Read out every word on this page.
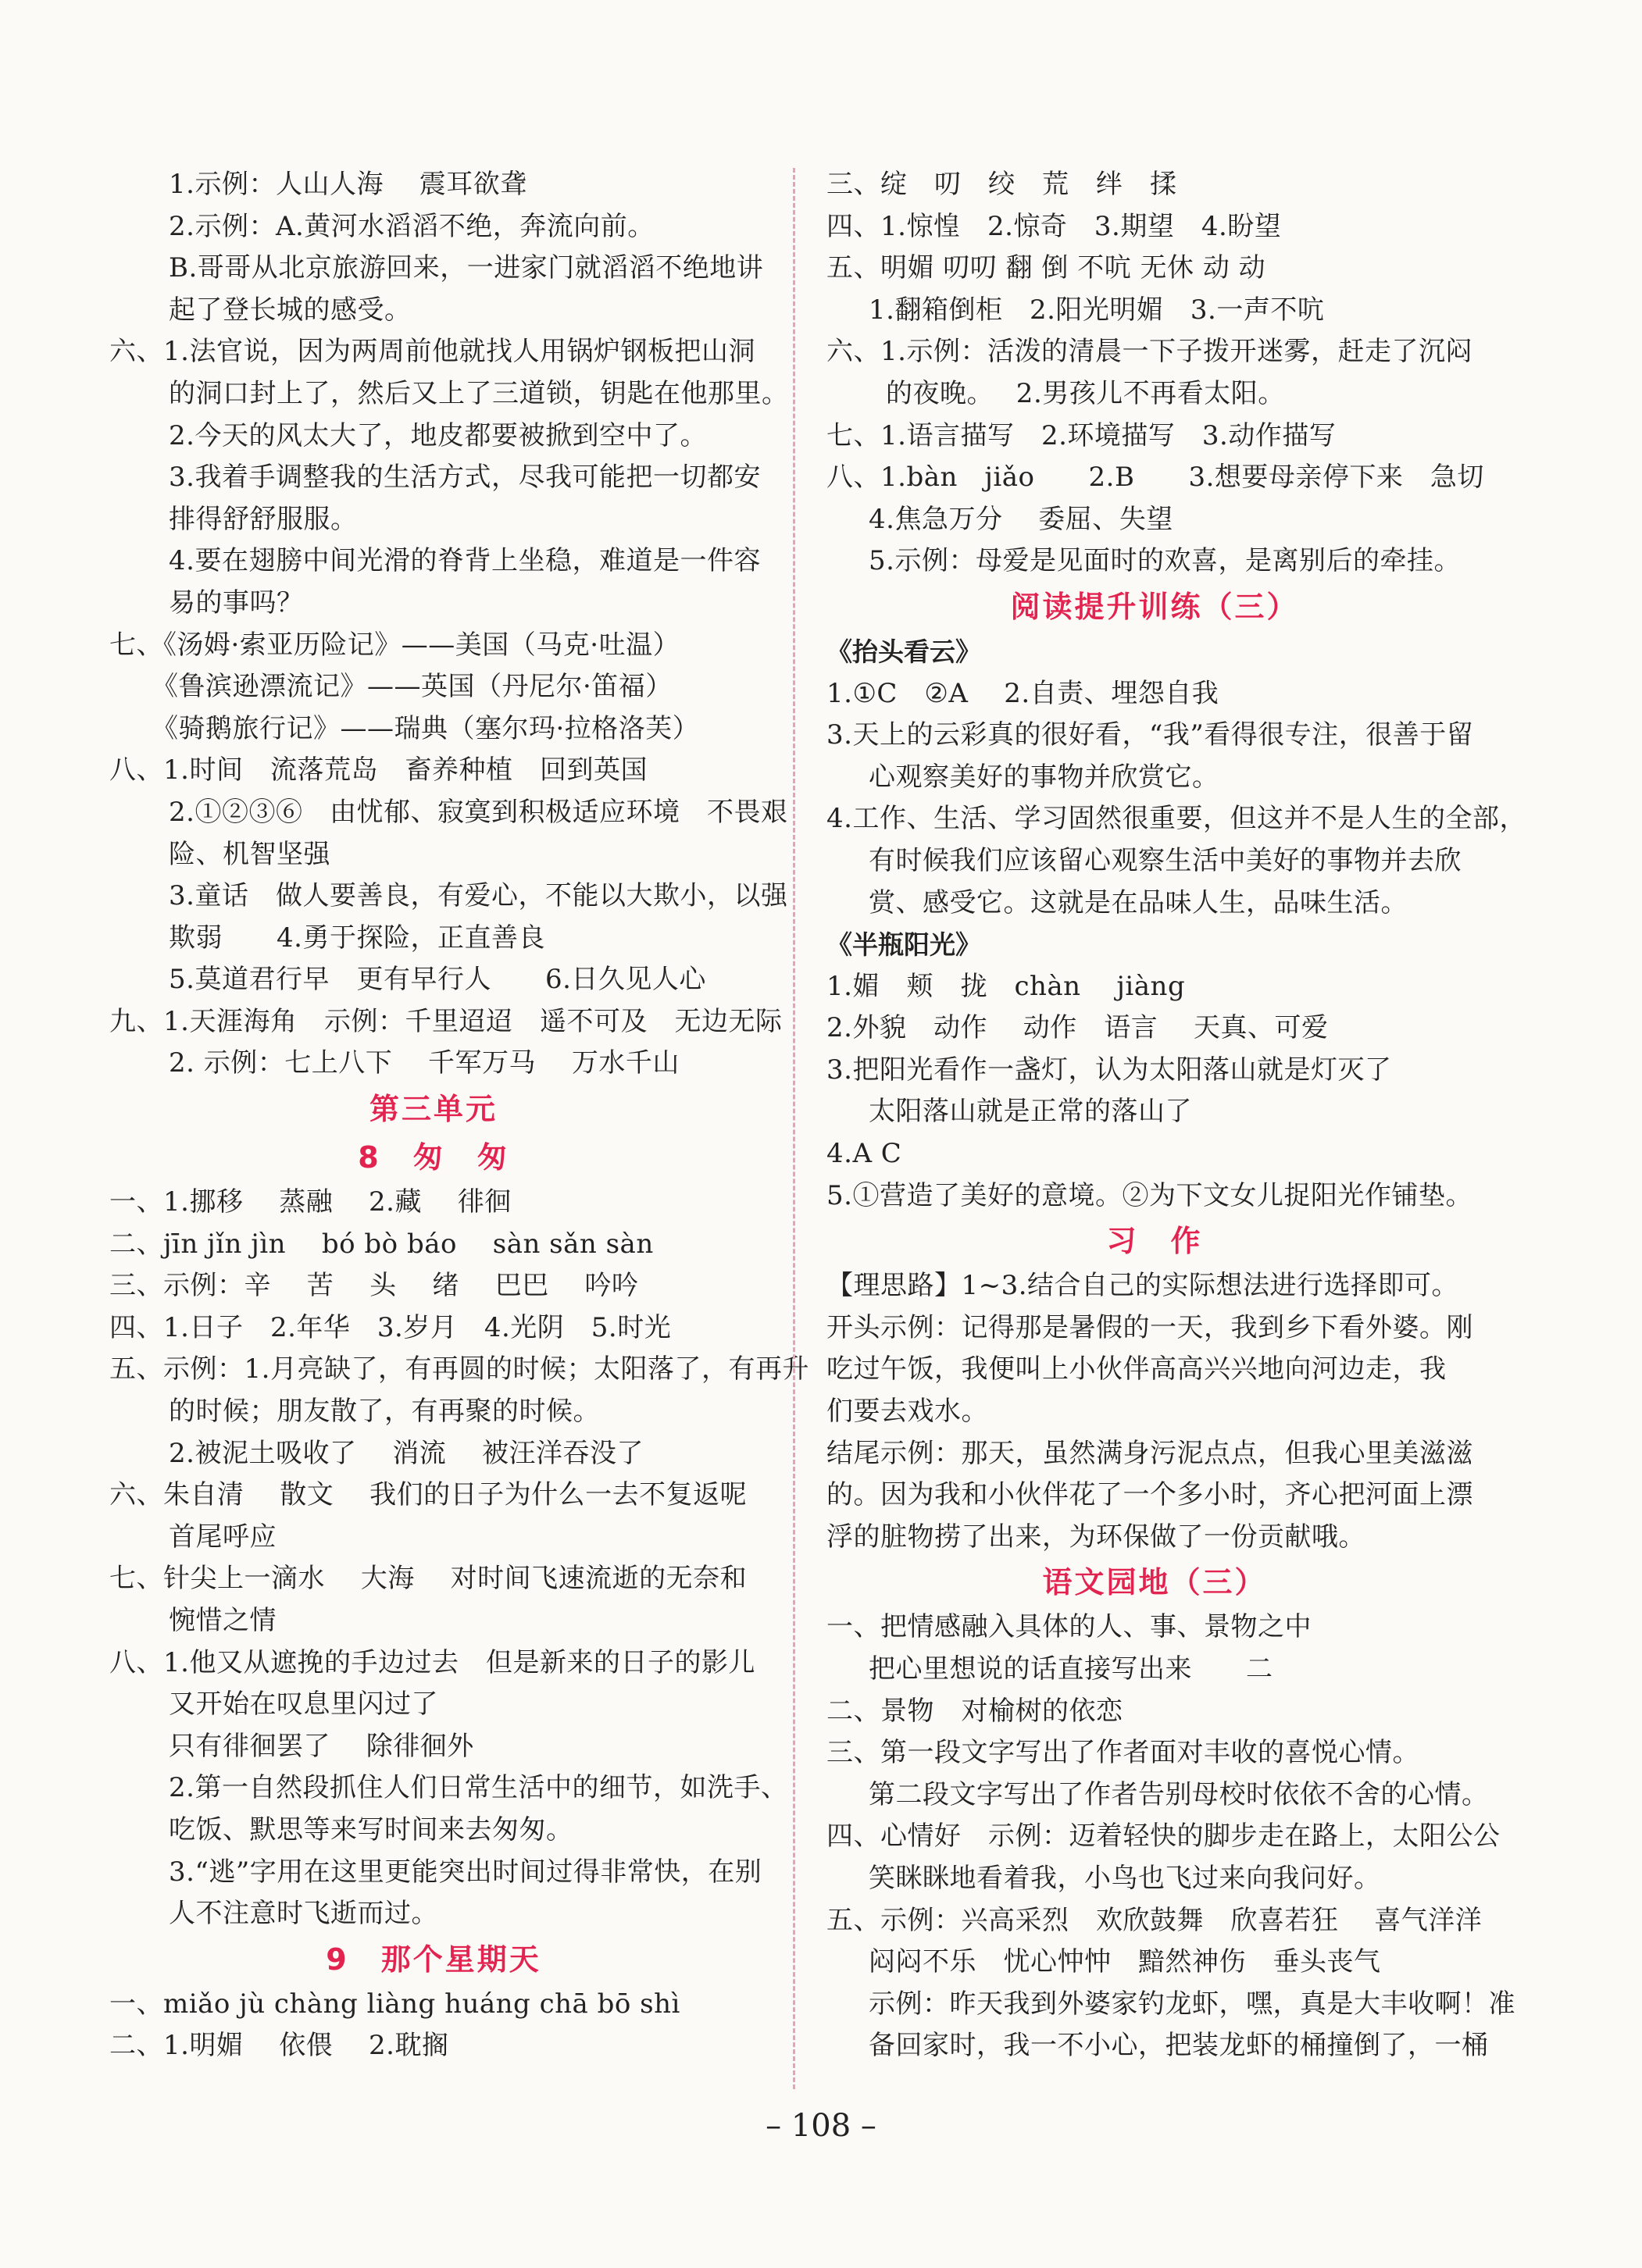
1.示例：人山人海　 震耳欲聋
2.示例：A.黄河水滔滔不绝，奔流向前。
B.哥哥从北京旅游回来，一进家门就滔滔不绝地讲
起了登长城的感受。
六、1.法官说，因为两周前他就找人用锅炉钢板把山洞
的洞口封上了，然后又上了三道锁，钥匙在他那里。
2.今天的风太大了，地皮都要被掀到空中了。
3.我着手调整我的生活方式，尽我可能把一切都安
排得舒舒服服。
4.要在翅膀中间光滑的脊背上坐稳，难道是一件容
易的事吗？
七、《汤姆·索亚历险记》——美国（马克·吐温）
《鲁滨逊漂流记》——英国（丹尼尔·笛福）
《骑鹅旅行记》——瑞典（塞尔玛·拉格洛芙）
八、1.时间　流落荒岛　畜养种植　回到英国
2.①②③⑥　由忧郁、寂寞到积极适应环境　不畏艰
险、机智坚强
3.童话　做人要善良，有爱心，不能以大欺小，以强
欺弱　　4.勇于探险，正直善良
5.莫道君行早　更有早行人　　6.日久见人心
九、1.天涯海角　示例：千里迢迢　遥不可及　无边无际
2. 示例：七上八下　 千军万马　 万水千山
第三单元
8　匆　匆
一、1.挪移　 蒸融　 2.藏　 徘徊
二、jīn jǐn jìn　 bó bò báo　 sàn sǎn sàn
三、示例：辛　 苦　 头　 绪　 巴巴　 吟吟
四、1.日子　2.年华　3.岁月　4.光阴　5.时光
五、示例：1.月亮缺了，有再圆的时候；太阳落了，有再升
的时候；朋友散了，有再聚的时候。
2.被泥土吸收了　 消流　 被汪洋吞没了
六、朱自清　 散文　 我们的日子为什么一去不复返呢
首尾呼应
七、针尖上一滴水　 大海　 对时间飞速流逝的无奈和
惋惜之情
八、1.他又从遮挽的手边过去　但是新来的日子的影儿
又开始在叹息里闪过了
只有徘徊罢了　 除徘徊外
2.第一自然段抓住人们日常生活中的细节，如洗手、
吃饭、默思等来写时间来去匆匆。
3.“逃”字用在这里更能突出时间过得非常快，在别
人不注意时飞逝而过。
9　那个星期天
一、miǎo jù chàng liàng huáng chā bō shì
二、1.明媚　 依偎　 2.耽搁
三、绽　叨　绞　荒　绊　揉
四、1.惊惶　2.惊奇　3.期望　4.盼望
五、明媚 叨叨 翻 倒 不吭 无休 动 动
1.翻箱倒柜　2.阳光明媚　3.一声不吭
六、1.示例：活泼的清晨一下子拨开迷雾，赶走了沉闷
的夜晚。　 2.男孩儿不再看太阳。
七、1.语言描写　2.环境描写　3.动作描写
八、1.bàn　jiǎo　　2.B　　3.想要母亲停下来　急切
4.焦急万分　 委屈、失望
5.示例：母爱是见面时的欢喜，是离别后的牵挂。
阅读提升训练（三）
《抬头看云》
1.①C　②A　 2.自责、埋怨自我
3.天上的云彩真的很好看，“我”看得很专注，很善于留
心观察美好的事物并欣赏它。
4.工作、生活、学习固然很重要，但这并不是人生的全部，
有时候我们应该留心观察生活中美好的事物并去欣
赏、感受它。这就是在品味人生，品味生活。
《半瓶阳光》
1.媚　颊　拢　chàn　 jiàng
2.外貌　动作　 动作　语言　 天真、可爱
3.把阳光看作一盏灯，认为太阳落山就是灯灭了
太阳落山就是正常的落山了
4.A C
5.①营造了美好的意境。②为下文女儿捉阳光作铺垫。
习　作
【理思路】1~3.结合自己的实际想法进行选择即可。
开头示例：记得那是暑假的一天，我到乡下看外婆。刚
吃过午饭，我便叫上小伙伴高高兴兴地向河边走，我
们要去戏水。
结尾示例：那天，虽然满身污泥点点，但我心里美滋滋
的。因为我和小伙伴花了一个多小时，齐心把河面上漂
浮的脏物捞了出来，为环保做了一份贡献哦。
语文园地（三）
一、把情感融入具体的人、事、景物之中
把心里想说的话直接写出来　　二
二、景物　对榆树的依恋
三、第一段文字写出了作者面对丰收的喜悦心情。
第二段文字写出了作者告别母校时依依不舍的心情。
四、心情好　示例：迈着轻快的脚步走在路上，太阳公公
笑眯眯地看着我，小鸟也飞过来向我问好。
五、示例：兴高采烈　欢欣鼓舞　欣喜若狂　 喜气洋洋
闷闷不乐　忧心忡忡　黯然神伤　垂头丧气
示例：昨天我到外婆家钓龙虾，嘿，真是大丰收啊！准
备回家时，我一不小心，把装龙虾的桶撞倒了，一桶
– 108 –
